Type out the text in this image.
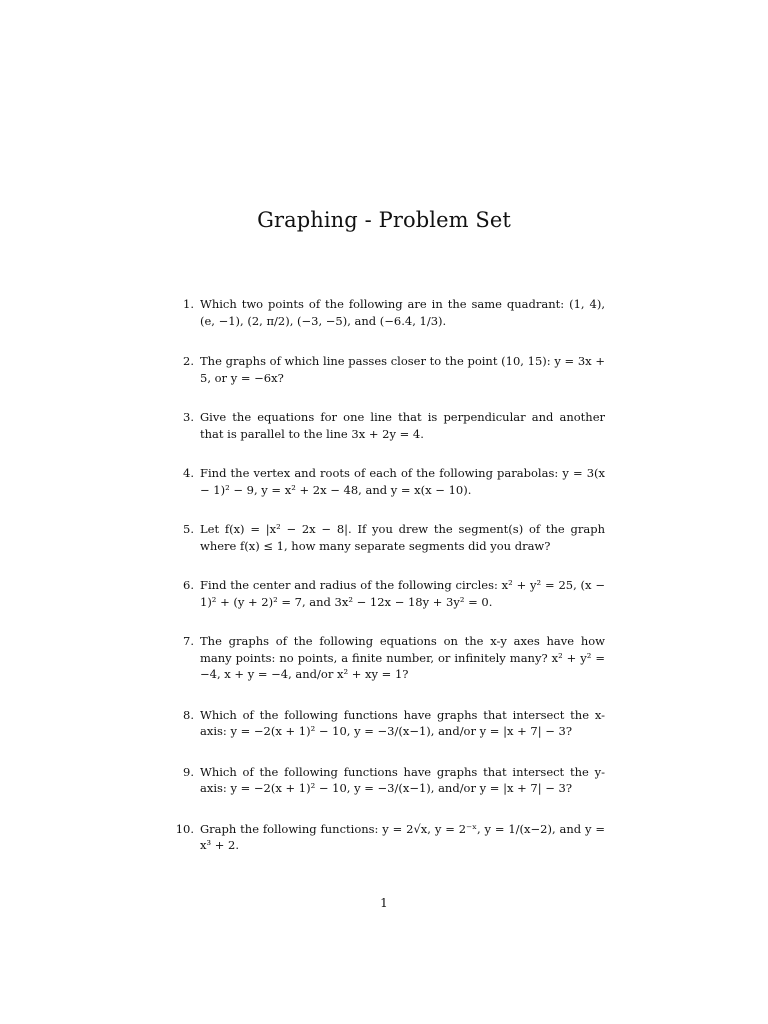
Graphing - Problem Set
1. Which two points of the following are in the same quadrant: (1, 4), (e, −1), (2, π/2), (−3, −5), and (−6.4, 1/3).
2. The graphs of which line passes closer to the point (10, 15): y = 3x + 5, or y = −6x?
3. Give the equations for one line that is perpendicular and another that is parallel to the line 3x + 2y = 4.
4. Find the vertex and roots of each of the following parabolas: y = 3(x − 1)² − 9, y = x² + 2x − 48, and y = x(x − 10).
5. Let f(x) = |x² − 2x − 8|. If you drew the segment(s) of the graph where f(x) ≤ 1, how many separate segments did you draw?
6. Find the center and radius of the following circles: x² + y² = 25, (x − 1)² + (y + 2)² = 7, and 3x² − 12x − 18y + 3y² = 0.
7. The graphs of the following equations on the x-y axes have how many points: no points, a finite number, or infinitely many? x² + y² = −4, x + y = −4, and/or x² + xy = 1?
8. Which of the following functions have graphs that intersect the x-axis: y = −2(x + 1)² − 10, y = −3/(x−1), and/or y = |x + 7| − 3?
9. Which of the following functions have graphs that intersect the y-axis: y = −2(x + 1)² − 10, y = −3/(x−1), and/or y = |x + 7| − 3?
10. Graph the following functions: y = 2√x, y = 2⁻ˣ, y = 1/(x−2), and y = x³ + 2.
1
